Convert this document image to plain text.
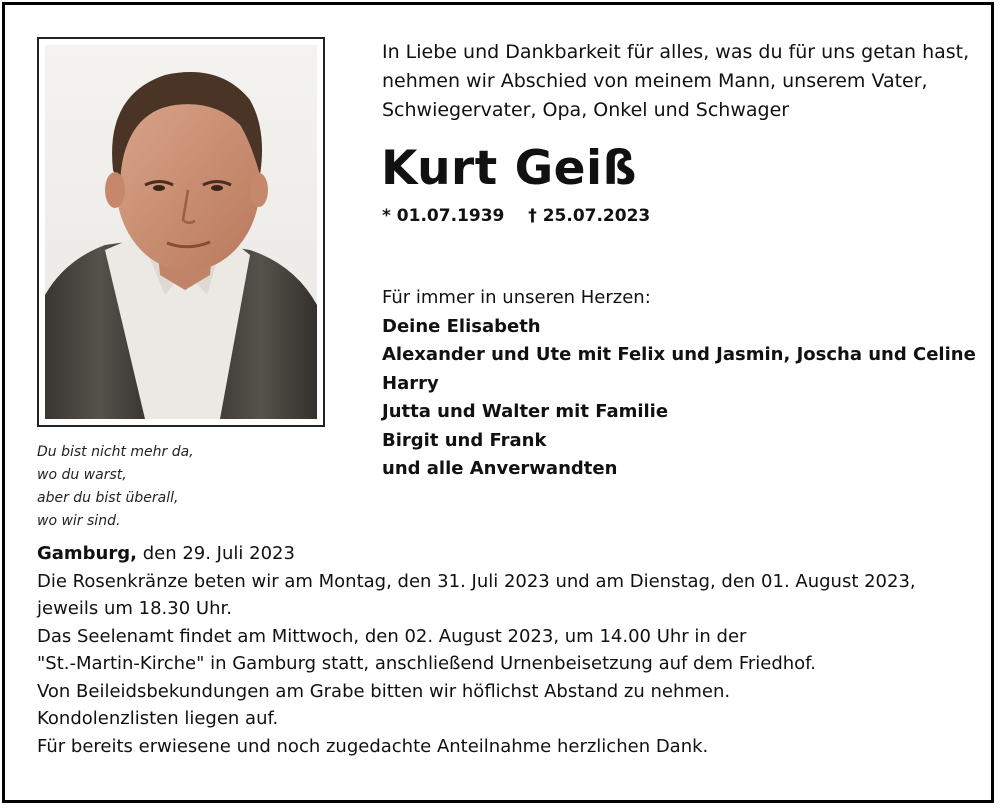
Du bist nicht mehr da,
wo du warst,
aber du bist überall,
wo wir sind.
In Liebe und Dankbarkeit für alles, was du für uns getan hast,
nehmen wir Abschied von meinem Mann, unserem Vater,
Schwiegervater, Opa, Onkel und Schwager
Kurt Geiß
* 01.07.1939 † 25.07.2023
Für immer in unseren Herzen:
Deine Elisabeth
Alexander und Ute mit Felix und Jasmin, Joscha und Celine
Harry
Jutta und Walter mit Familie
Birgit und Frank
und alle Anverwandten
Gamburg, den 29. Juli 2023
Die Rosenkränze beten wir am Montag, den 31. Juli 2023 und am Dienstag, den 01. August 2023,
jeweils um 18.30 Uhr.
Das Seelenamt findet am Mittwoch, den 02. August 2023, um 14.00 Uhr in der
"St.-Martin-Kirche" in Gamburg statt, anschließend Urnenbeisetzung auf dem Friedhof.
Von Beileidsbekundungen am Grabe bitten wir höflichst Abstand zu nehmen.
Kondolenzlisten liegen auf.
Für bereits erwiesene und noch zugedachte Anteilnahme herzlichen Dank.
